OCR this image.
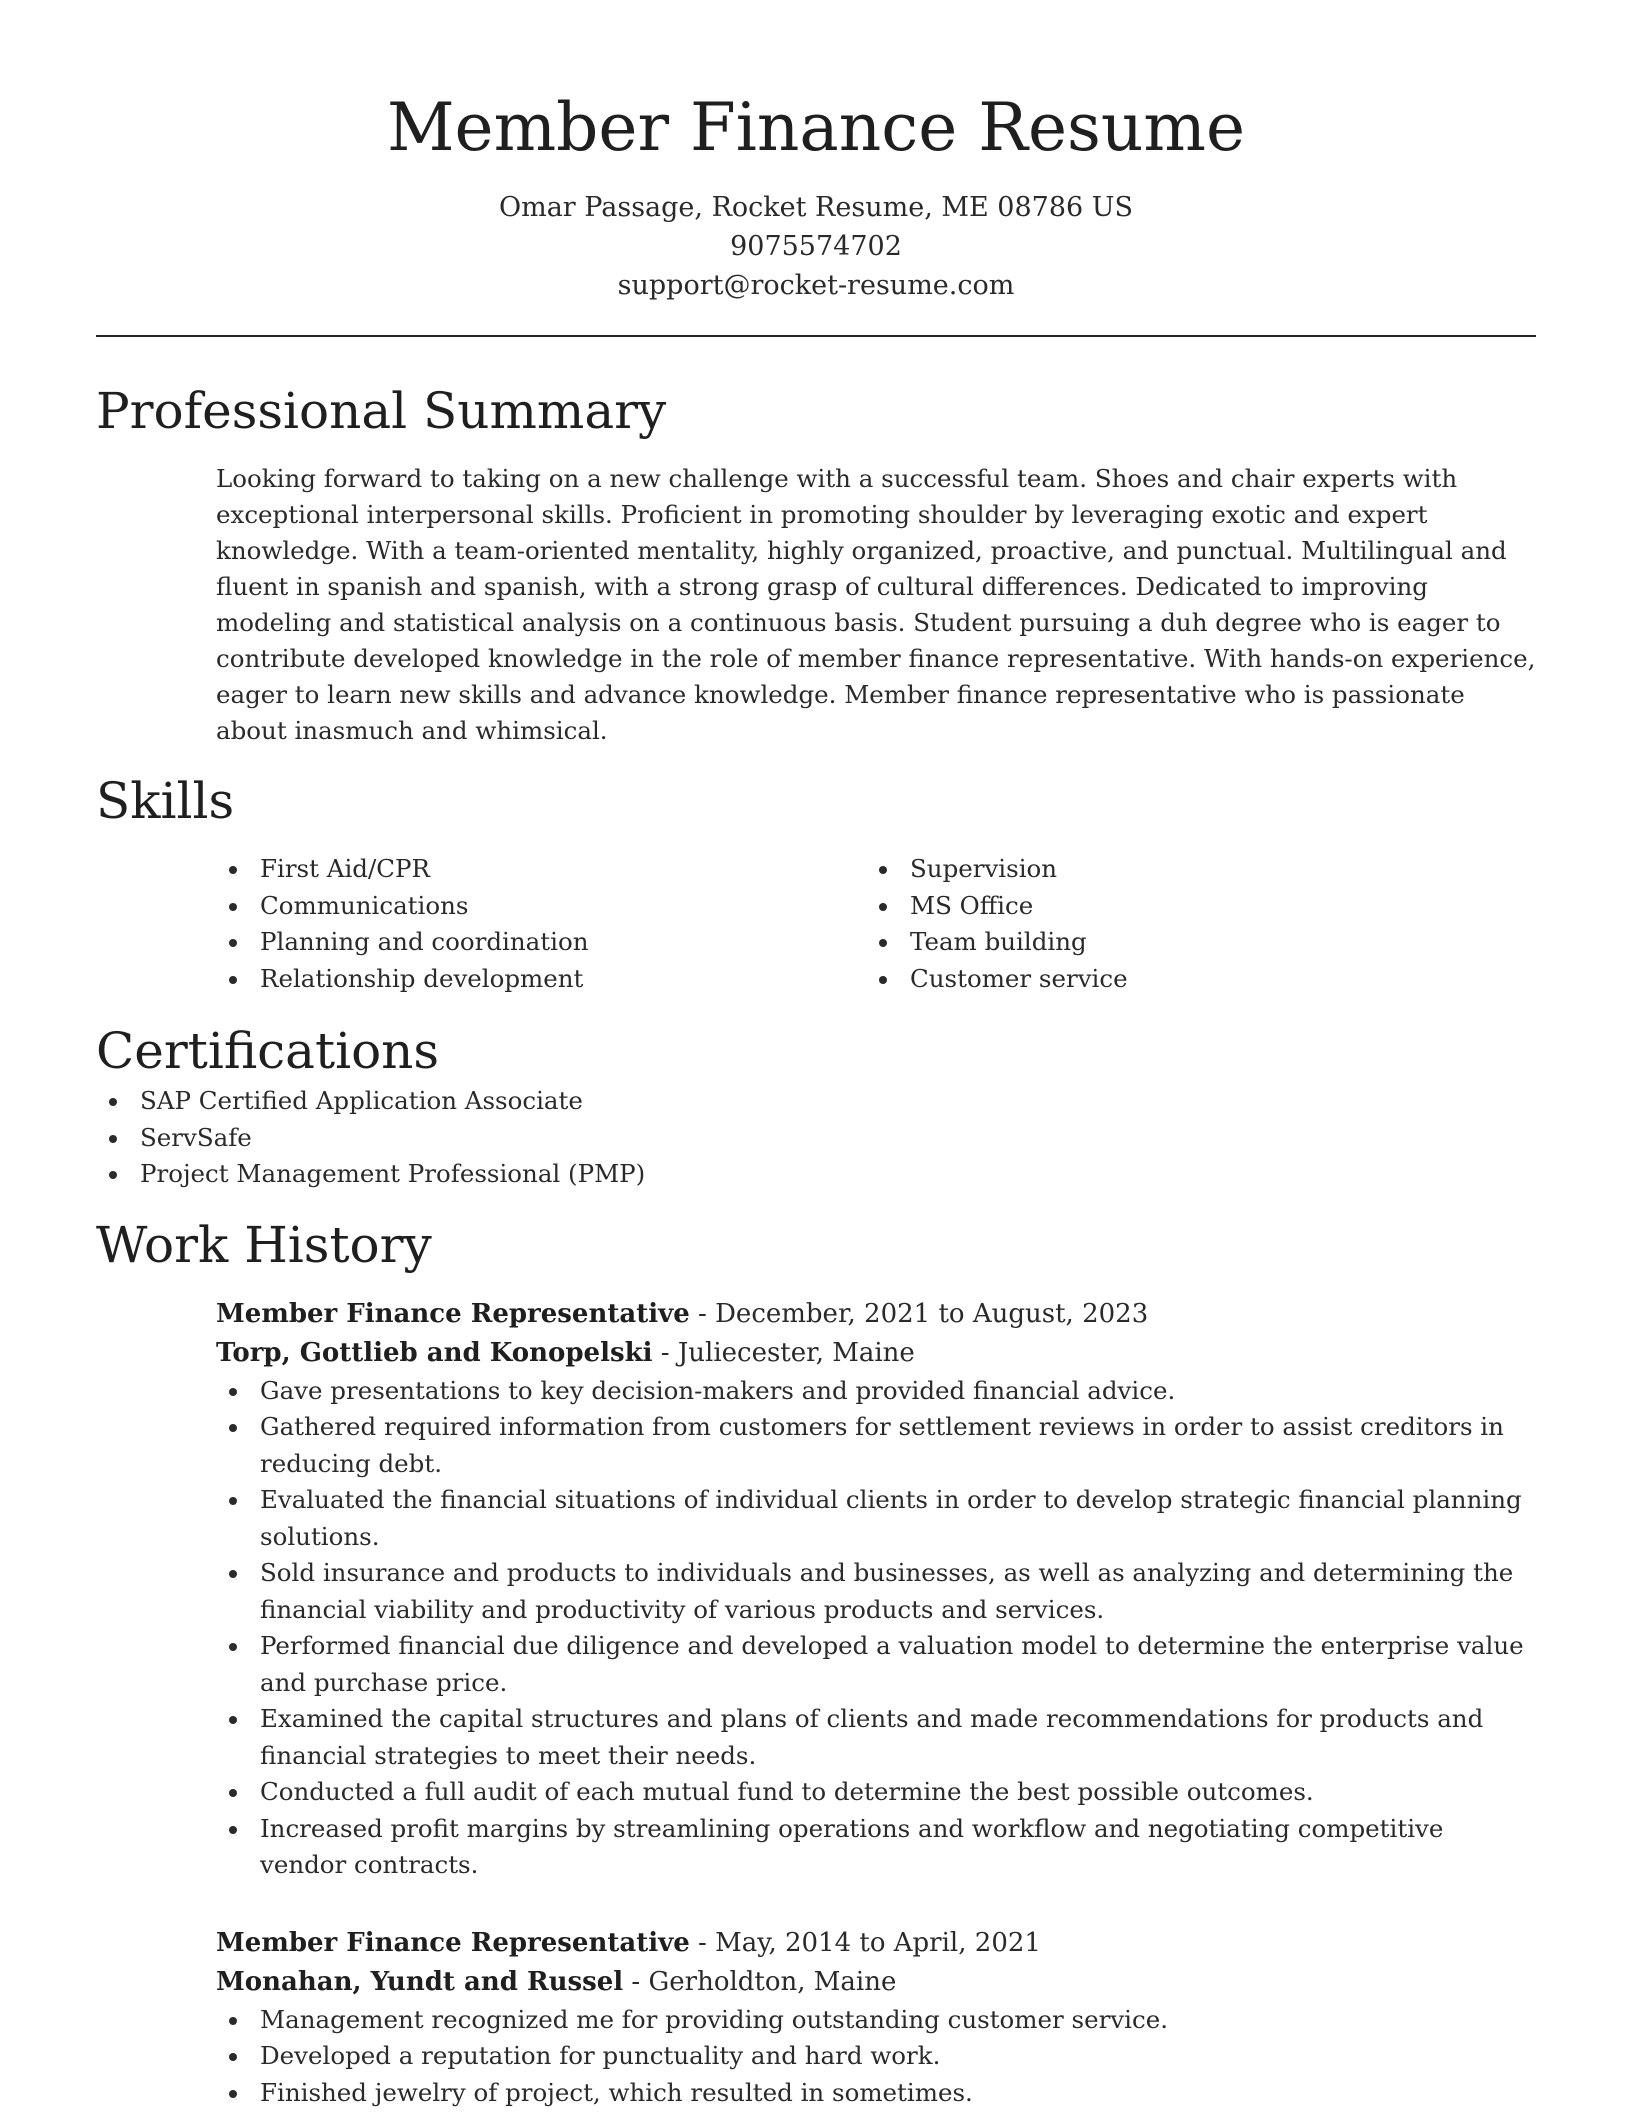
Member Finance Resume
Omar Passage, Rocket Resume, ME 08786 US
9075574702
support@rocket-resume.com
Professional Summary

Looking forward to taking on a new challenge with a successful team. Shoes and chair experts with exceptional interpersonal skills. Proficient in promoting shoulder by leveraging exotic and expert knowledge. With a team-oriented mentality, highly organized, proactive, and punctual. Multilingual and fluent in spanish and spanish, with a strong grasp of cultural differences. Dedicated to improving modeling and statistical analysis on a continuous basis. Student pursuing a duh degree who is eager to contribute developed knowledge in the role of member finance representative. With hands-on experience, eager to learn new skills and advance knowledge. Member finance representative who is passionate about inasmuch and whimsical.

Skills
First Aid/CPR
Communications
Planning and coordination
Relationship development
Supervision
MS Office
Team building
Customer service
Certifications
SAP Certified Application Associate
ServSafe
Project Management Professional (PMP)
Work History
Member Finance Representative - December, 2021 to August, 2023
Torp, Gottlieb and Konopelski - Juliecester, Maine
Gave presentations to key decision-makers and provided financial advice.
Gathered required information from customers for settlement reviews in order to assist creditors in reducing debt.
Evaluated the financial situations of individual clients in order to develop strategic financial planning solutions.
Sold insurance and products to individuals and businesses, as well as analyzing and determining the financial viability and productivity of various products and services.
Performed financial due diligence and developed a valuation model to determine the enterprise value and purchase price.
Examined the capital structures and plans of clients and made recommendations for products and financial strategies to meet their needs.
Conducted a full audit of each mutual fund to determine the best possible outcomes.
Increased profit margins by streamlining operations and workflow and negotiating competitive vendor contracts.
Member Finance Representative - May, 2014 to April, 2021
Monahan, Yundt and Russel - Gerholdton, Maine
Management recognized me for providing outstanding customer service.
Developed a reputation for punctuality and hard work.
Finished jewelry of project, which resulted in sometimes.
